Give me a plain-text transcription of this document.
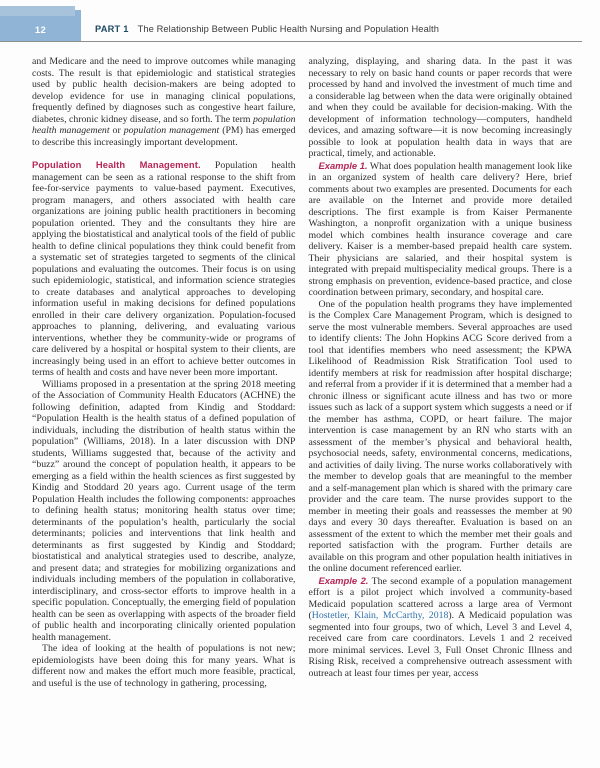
12	PART 1 The Relationship Between Public Health Nursing and Population Health

and Medicare and the need to improve outcomes while managing costs. The result is that epidemiologic and statistical strategies used by public health decision-makers are being adopted to develop evidence for use in managing clinical populations, frequently defined by diagnoses such as congestive heart failure, diabetes, chronic kidney disease, and so forth. The term population health management or population management (PM) has emerged to describe this increasingly important development.

Population Health Management. Population health management can be seen as a rational response to the shift from fee-for-service payments to value-based payment. Executives, program managers, and others associated with health care organizations are joining public health practitioners in becoming population oriented. They and the consultants they hire are applying the biostatistical and analytical tools of the field of public health to define clinical populations they think could benefit from a systematic set of strategies targeted to segments of the clinical populations and evaluating the outcomes. Their focus is on using such epidemiologic, statistical, and information science strategies to create databases and analytical approaches to developing information useful in making decisions for defined populations enrolled in their care delivery organization. Population-focused approaches to planning, delivering, and evaluating various interventions, whether they be community-wide or programs of care delivered by a hospital or hospital system to their clients, are increasingly being used in an effort to achieve better outcomes in terms of health and costs and have never been more important.

Williams proposed in a presentation at the spring 2018 meeting of the Association of Community Health Educators (ACHNE) the following definition, adapted from Kindig and Stoddard: “Population Health is the health status of a defined population of individuals, including the distribution of health status within the population” (Williams, 2018). In a later discussion with DNP students, Williams suggested that, because of the activity and “buzz” around the concept of population health, it appears to be emerging as a field within the health sciences as first suggested by Kindig and Stoddard 20 years ago. Current usage of the term Population Health includes the following components: approaches to defining health status; monitoring health status over time; determinants of the population’s health, particularly the social determinants; policies and interventions that link health and determinants as first suggested by Kindig and Stoddard; biostatistical and analytical strategies used to describe, analyze, and present data; and strategies for mobilizing organizations and individuals including members of the population in collaborative, interdisciplinary, and cross-sector efforts to improve health in a specific population. Conceptually, the emerging field of population health can be seen as overlapping with aspects of the broader field of public health and incorporating clinically oriented population health management.

The idea of looking at the health of populations is not new; epidemiologists have been doing this for many years. What is different now and makes the effort much more feasible, practical, and useful is the use of technology in gathering, processing,

analyzing, displaying, and sharing data. In the past it was necessary to rely on basic hand counts or paper records that were processed by hand and involved the investment of much time and a considerable lag between when the data were originally obtained and when they could be available for decision-making. With the development of information technology—computers, handheld devices, and amazing software—it is now becoming increasingly possible to look at population health data in ways that are practical, timely, and actionable.

Example 1. What does population health management look like in an organized system of health care delivery? Here, brief comments about two examples are presented. Documents for each are available on the Internet and provide more detailed descriptions. The first example is from Kaiser Permanente Washington, a nonprofit organization with a unique business model which combines health insurance coverage and care delivery. Kaiser is a member-based prepaid health care system. Their physicians are salaried, and their hospital system is integrated with prepaid multispeciality medical groups. There is a strong emphasis on prevention, evidence-based practice, and close coordination between primary, secondary, and hospital care.

One of the population health programs they have implemented is the Complex Care Management Program, which is designed to serve the most vulnerable members. Several approaches are used to identify clients: The John Hopkins ACG Score derived from a tool that identifies members who need assessment; the KPWA Likelihood of Readmission Risk Stratification Tool used to identify members at risk for readmission after hospital discharge; and referral from a provider if it is determined that a member had a chronic illness or significant acute illness and has two or more issues such as lack of a support system which suggests a need or if the member has asthma, COPD, or heart failure. The major intervention is case management by an RN who starts with an assessment of the member’s physical and behavioral health, psychosocial needs, safety, environmental concerns, medications, and activities of daily living. The nurse works collaboratively with the member to develop goals that are meaningful to the member and a self-management plan which is shared with the primary care provider and the care team. The nurse provides support to the member in meeting their goals and reassesses the member at 90 days and every 30 days thereafter. Evaluation is based on an assessment of the extent to which the member met their goals and reported satisfaction with the program. Further details are available on this program and other population health initiatives in the online document referenced earlier.

Example 2. The second example of a population management effort is a pilot project which involved a community-based Medicaid population scattered across a large area of Vermont (Hostetler, Klain, McCarthy, 2018). A Medicaid population was segmented into four groups, two of which, Level 3 and Level 4, received care from care coordinators. Levels 1 and 2 received more minimal services. Level 3, Full Onset Chronic Illness and Rising Risk, received a comprehensive outreach assessment with outreach at least four times per year, access
